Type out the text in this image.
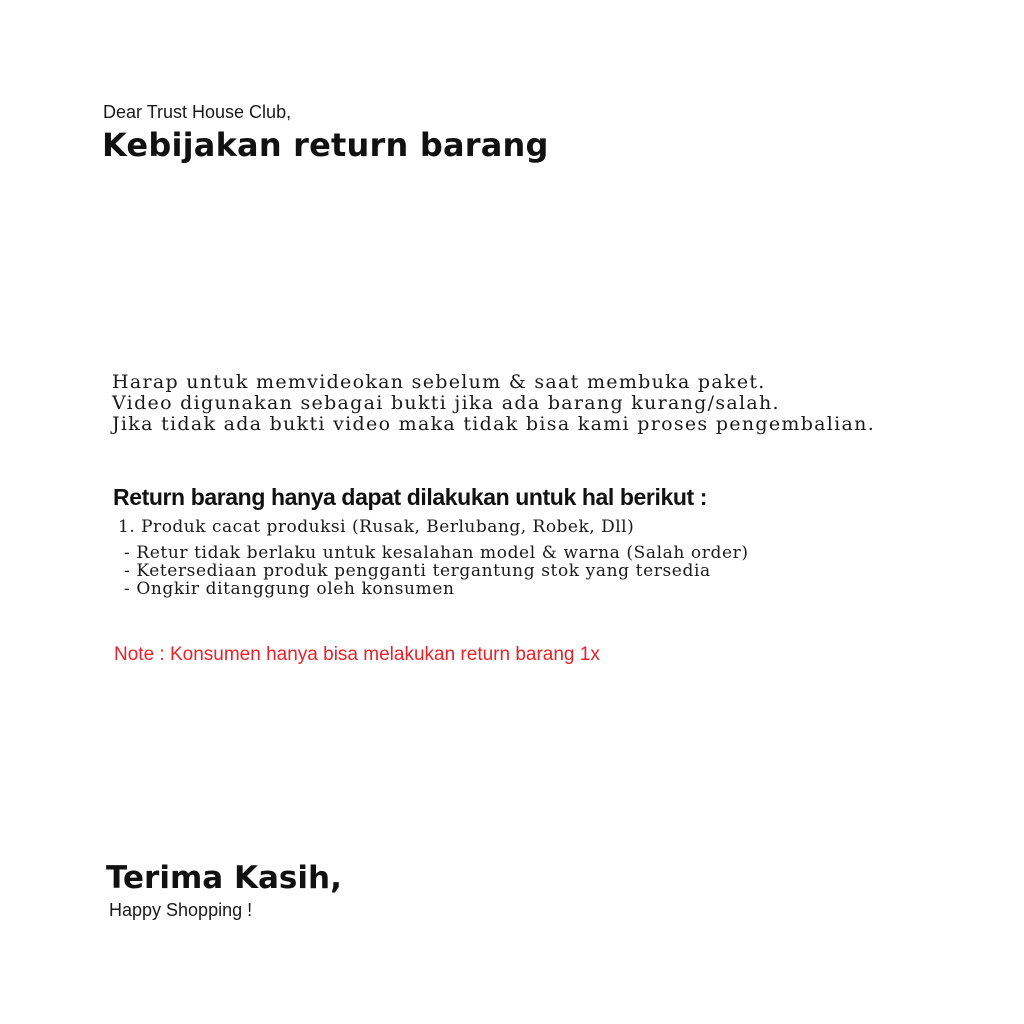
Dear Trust House Club,
Kebijakan return barang
Harap untuk memvideokan sebelum & saat membuka paket.
Video digunakan sebagai bukti jika ada barang kurang/salah.
Jika tidak ada bukti video maka tidak bisa kami proses pengembalian.
Return barang hanya dapat dilakukan untuk hal berikut :
1. Produk cacat produksi (Rusak, Berlubang, Robek, Dll)
- Retur tidak berlaku untuk kesalahan model & warna (Salah order)
- Ketersediaan produk pengganti tergantung stok yang tersedia
- Ongkir ditanggung oleh konsumen
Note : Konsumen hanya bisa melakukan return barang 1x
Terima Kasih,
Happy Shopping !
